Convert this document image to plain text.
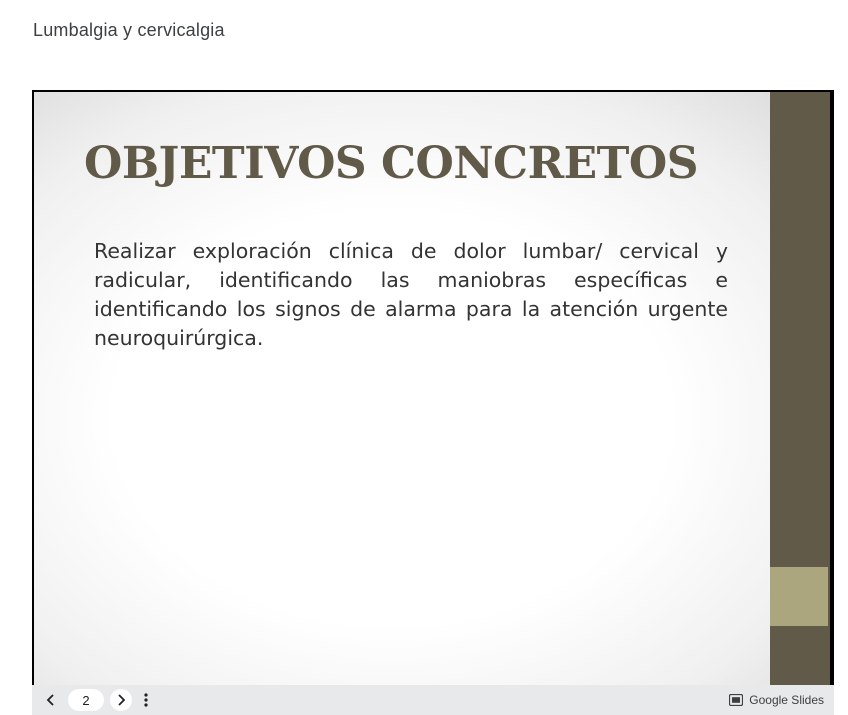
Lumbalgia y cervicalgia
OBJETIVOS CONCRETOS
Realizar exploración clínica de dolor lumbar/ cervical y radicular, identificando las maniobras específicas e identificando los signos de alarma para la atención urgente neuroquirúrgica.
2	Google Slides
